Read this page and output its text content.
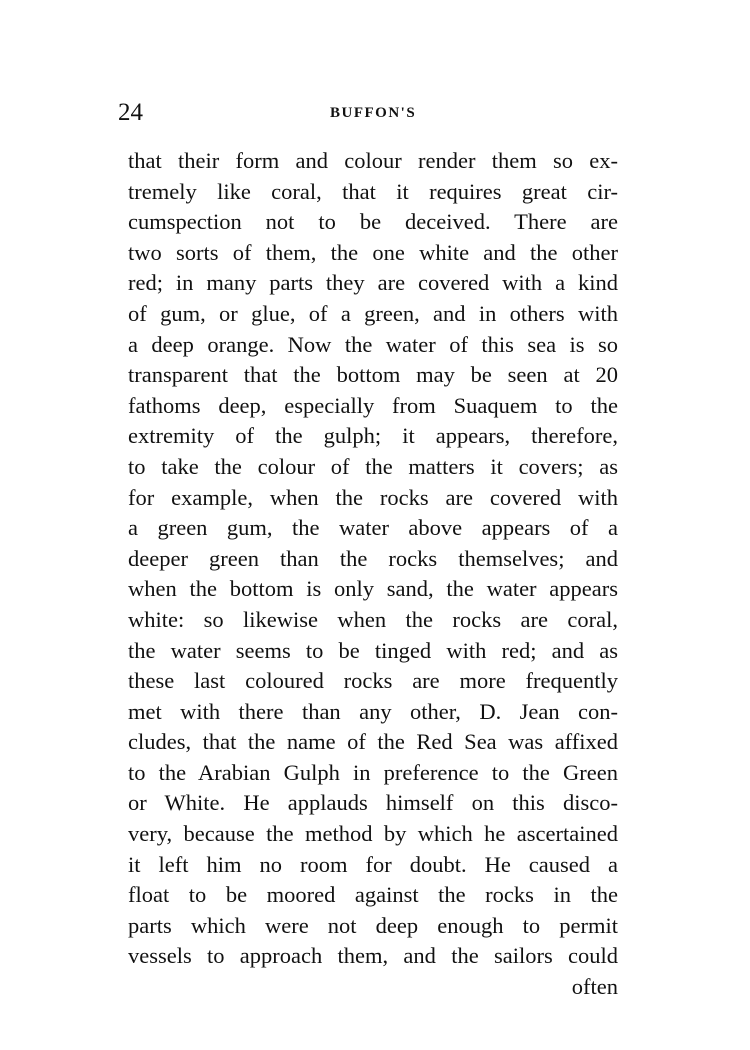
24	BUFFON'S
that their form and colour render them so ex-
tremely like coral, that it requires great cir-
cumspection not to be deceived. There are
two sorts of them, the one white and the other
red; in many parts they are covered with a kind
of gum, or glue, of a green, and in others with
a deep orange. Now the water of this sea is so
transparent that the bottom may be seen at 20
fathoms deep, especially from Suaquem to the
extremity of the gulph; it appears, therefore,
to take the colour of the matters it covers; as
for example, when the rocks are covered with
a green gum, the water above appears of a
deeper green than the rocks themselves; and
when the bottom is only sand, the water appears
white: so likewise when the rocks are coral,
the water seems to be tinged with red; and as
these last coloured rocks are more frequently
met with there than any other, D. Jean con-
cludes, that the name of the Red Sea was affixed
to the Arabian Gulph in preference to the Green
or White. He applauds himself on this disco-
very, because the method by which he ascertained
it left him no room for doubt. He caused a
float to be moored against the rocks in the
parts which were not deep enough to permit
vessels to approach them, and the sailors could
often
